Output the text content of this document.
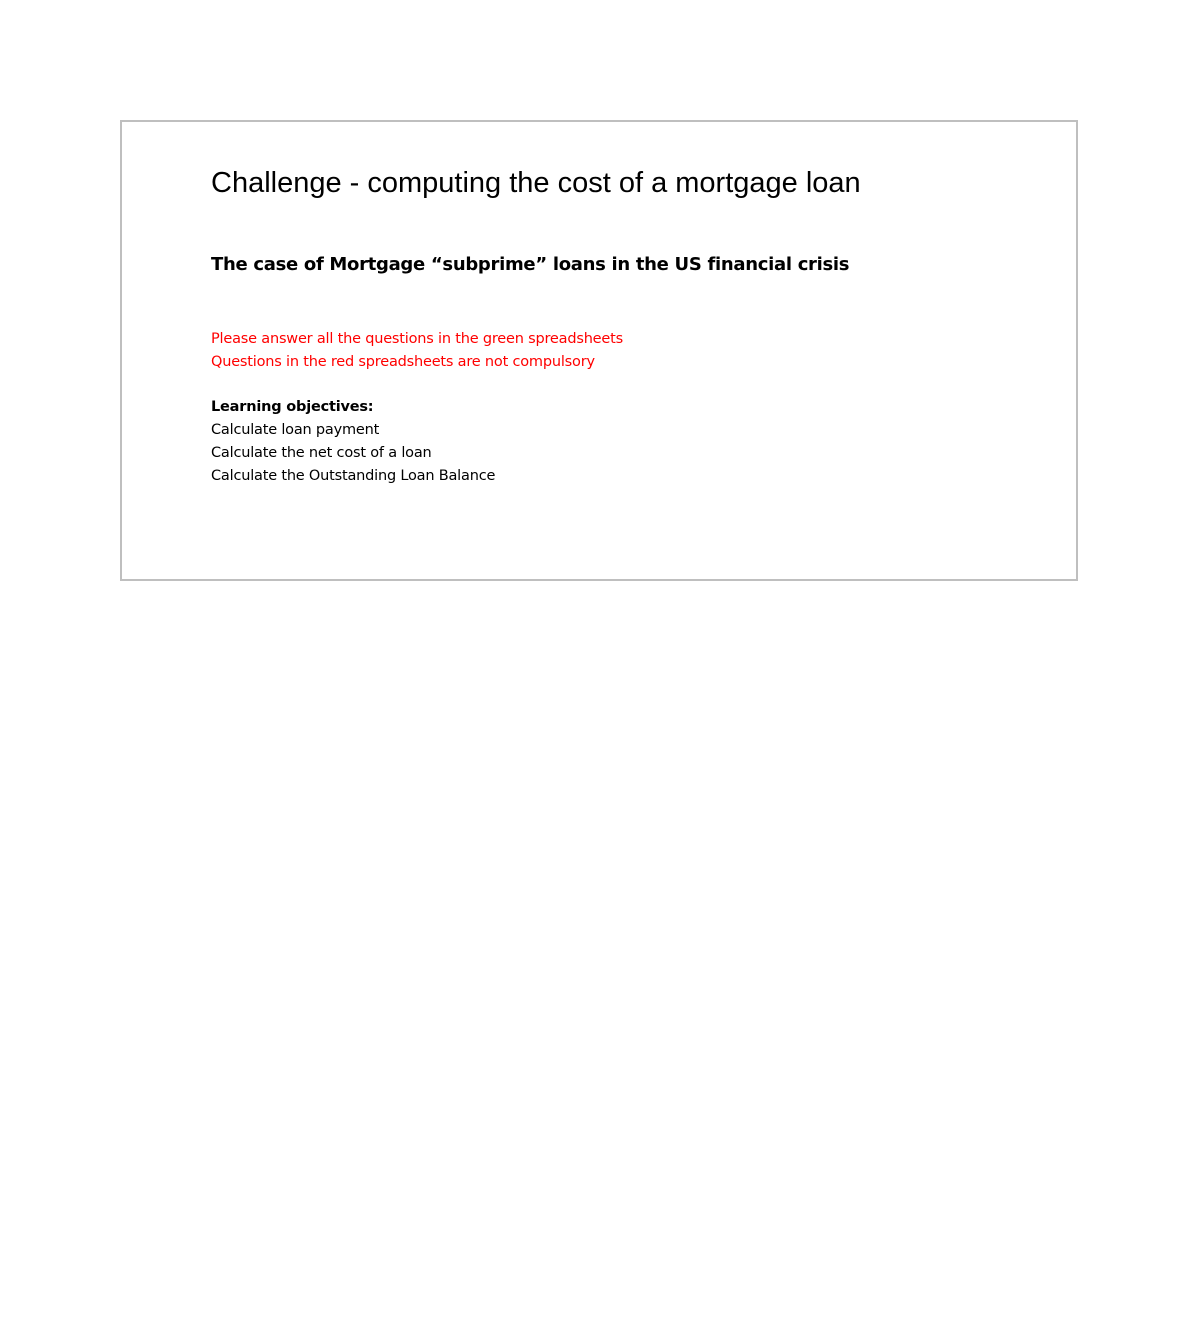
Challenge - computing the cost of a mortgage loan
The case of Mortgage “subprime” loans in the US financial crisis
Please answer all the questions in the green spreadsheets
Questions in the red spreadsheets are not compulsory
Learning objectives:
Calculate loan payment
Calculate the net cost of a loan
Calculate the Outstanding Loan Balance
